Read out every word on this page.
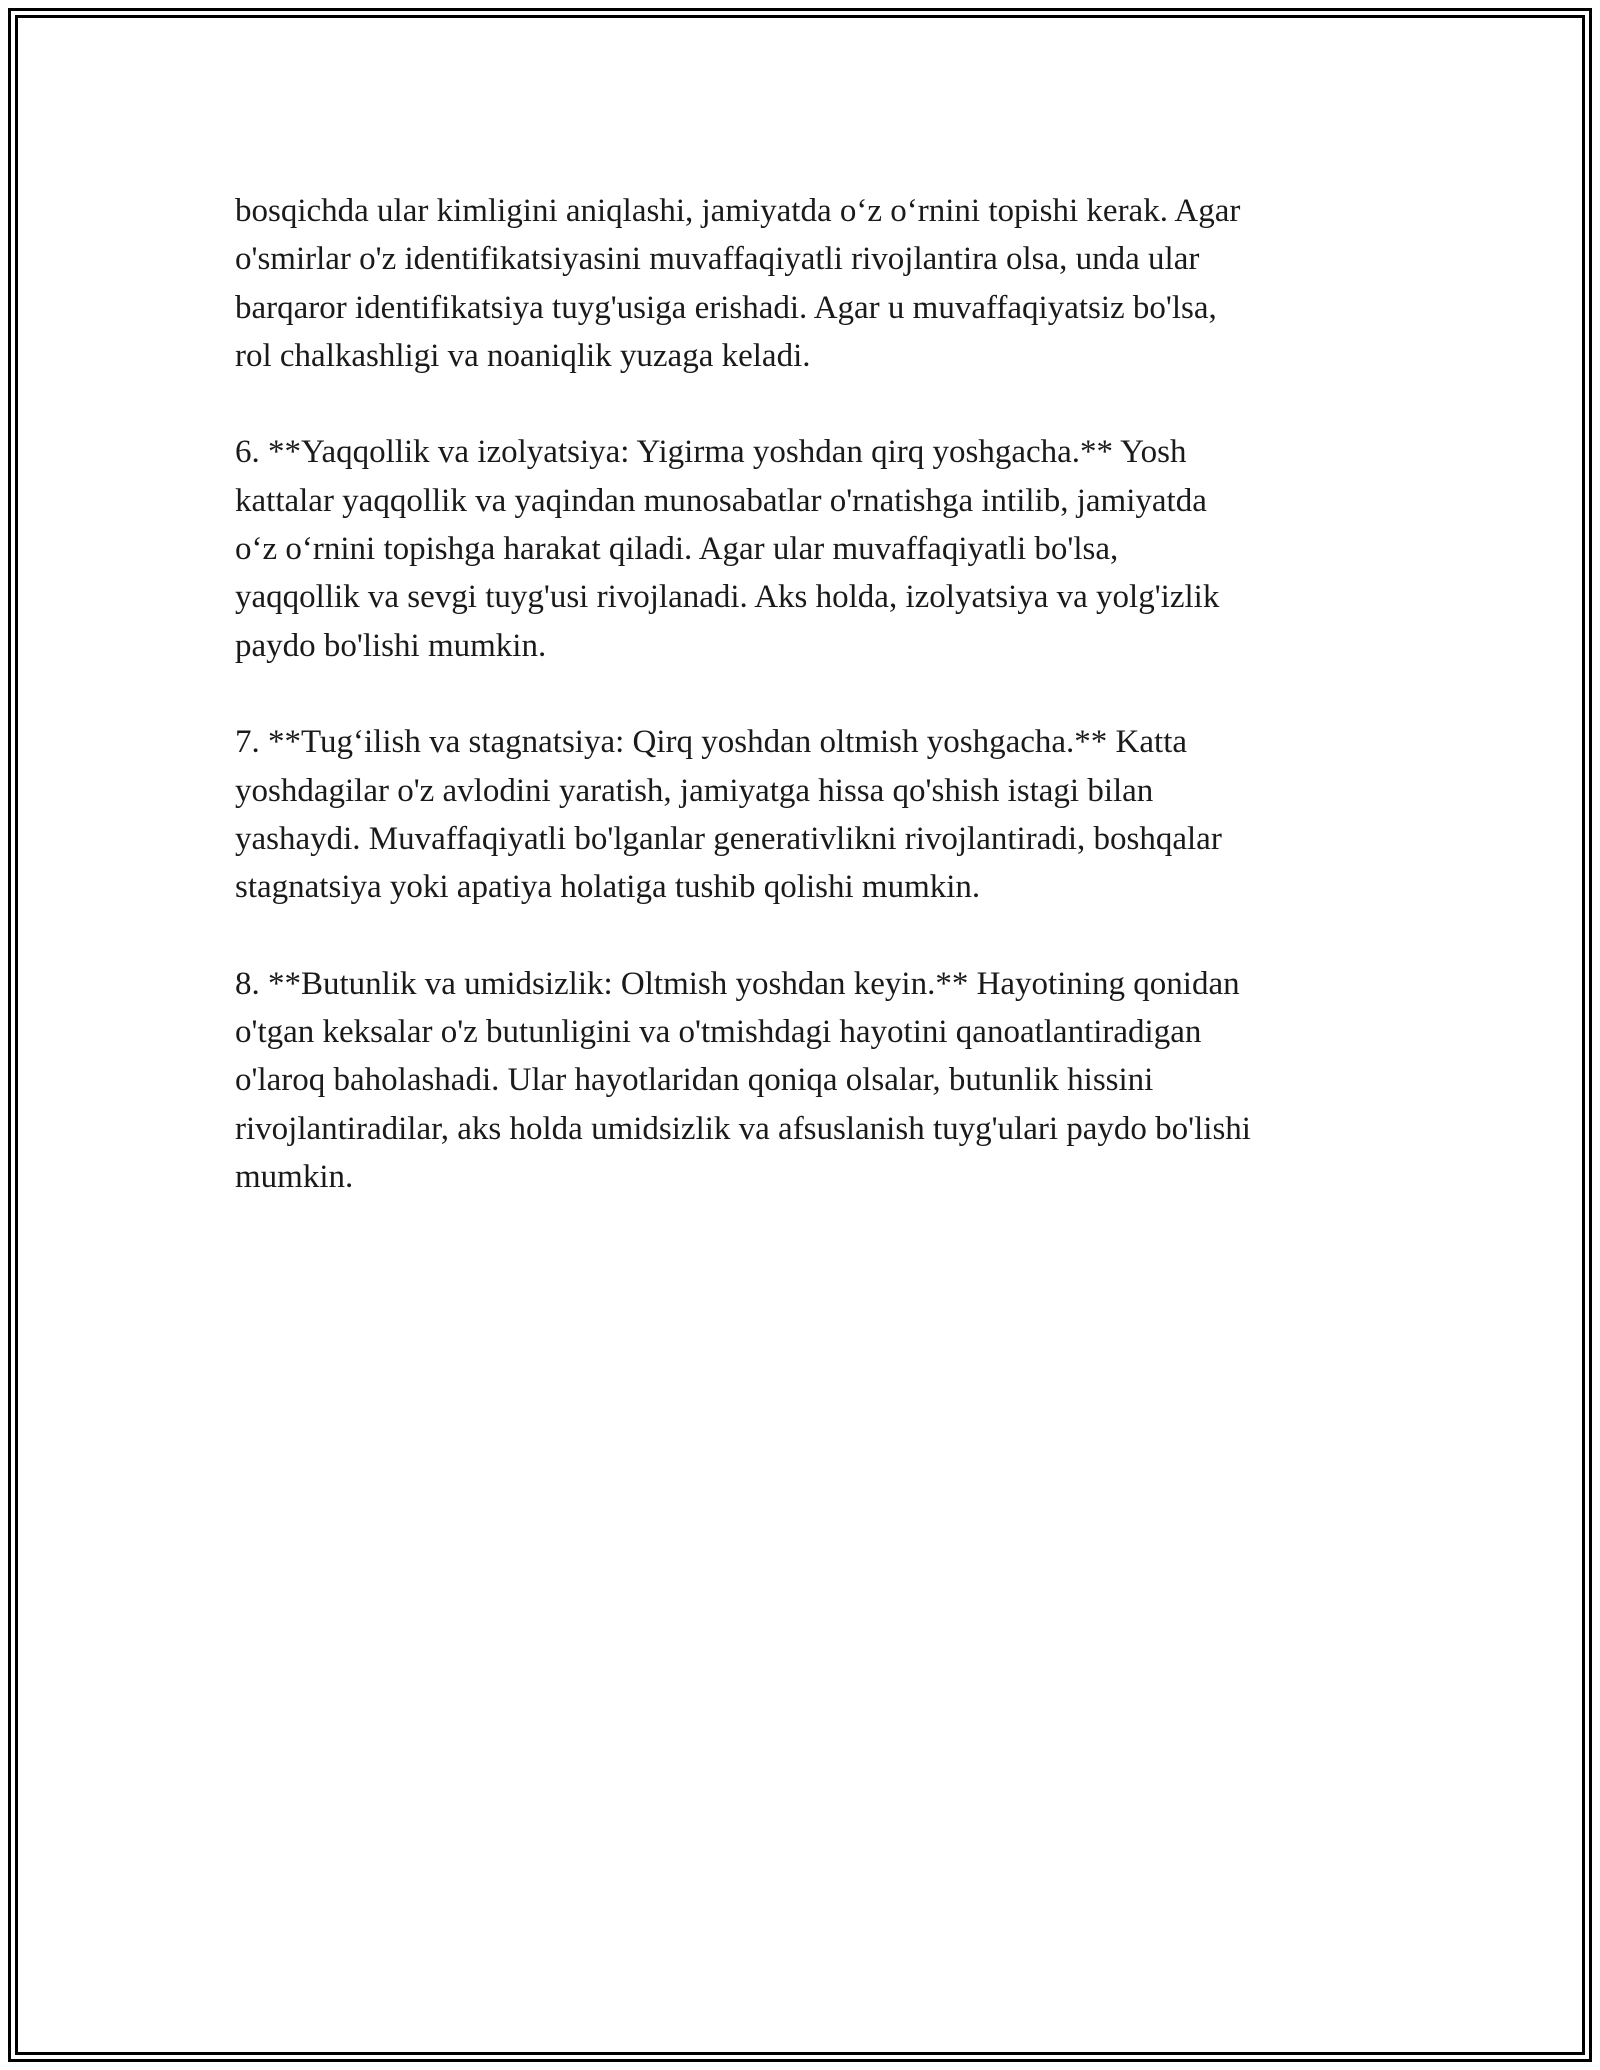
bosqichda ular kimligini aniqlashi, jamiyatda o‘z o‘rnini topishi kerak. Agar
o'smirlar o'z identifikatsiyasini muvaffaqiyatli rivojlantira olsa, unda ular
barqaror identifikatsiya tuyg'usiga erishadi. Agar u muvaffaqiyatsiz bo'lsa,
rol chalkashligi va noaniqlik yuzaga keladi.

6. **Yaqqollik va izolyatsiya: Yigirma yoshdan qirq yoshgacha.** Yosh
kattalar yaqqollik va yaqindan munosabatlar o'rnatishga intilib, jamiyatda
o‘z o‘rnini topishga harakat qiladi. Agar ular muvaffaqiyatli bo'lsa,
yaqqollik va sevgi tuyg'usi rivojlanadi. Aks holda, izolyatsiya va yolg'izlik
paydo bo'lishi mumkin.

7. **Tug‘ilish va stagnatsiya: Qirq yoshdan oltmish yoshgacha.** Katta
yoshdagilar o'z avlodini yaratish, jamiyatga hissa qo'shish istagi bilan
yashaydi. Muvaffaqiyatli bo'lganlar generativlikni rivojlantiradi, boshqalar
stagnatsiya yoki apatiya holatiga tushib qolishi mumkin.

8. **Butunlik va umidsizlik: Oltmish yoshdan keyin.** Hayotining qonidan
o'tgan keksalar o'z butunligini va o'tmishdagi hayotini qanoatlantiradigan
o'laroq baholashadi. Ular hayotlaridan qoniqa olsalar, butunlik hissini
rivojlantiradilar, aks holda umidsizlik va afsuslanish tuyg'ulari paydo bo'lishi
mumkin.
